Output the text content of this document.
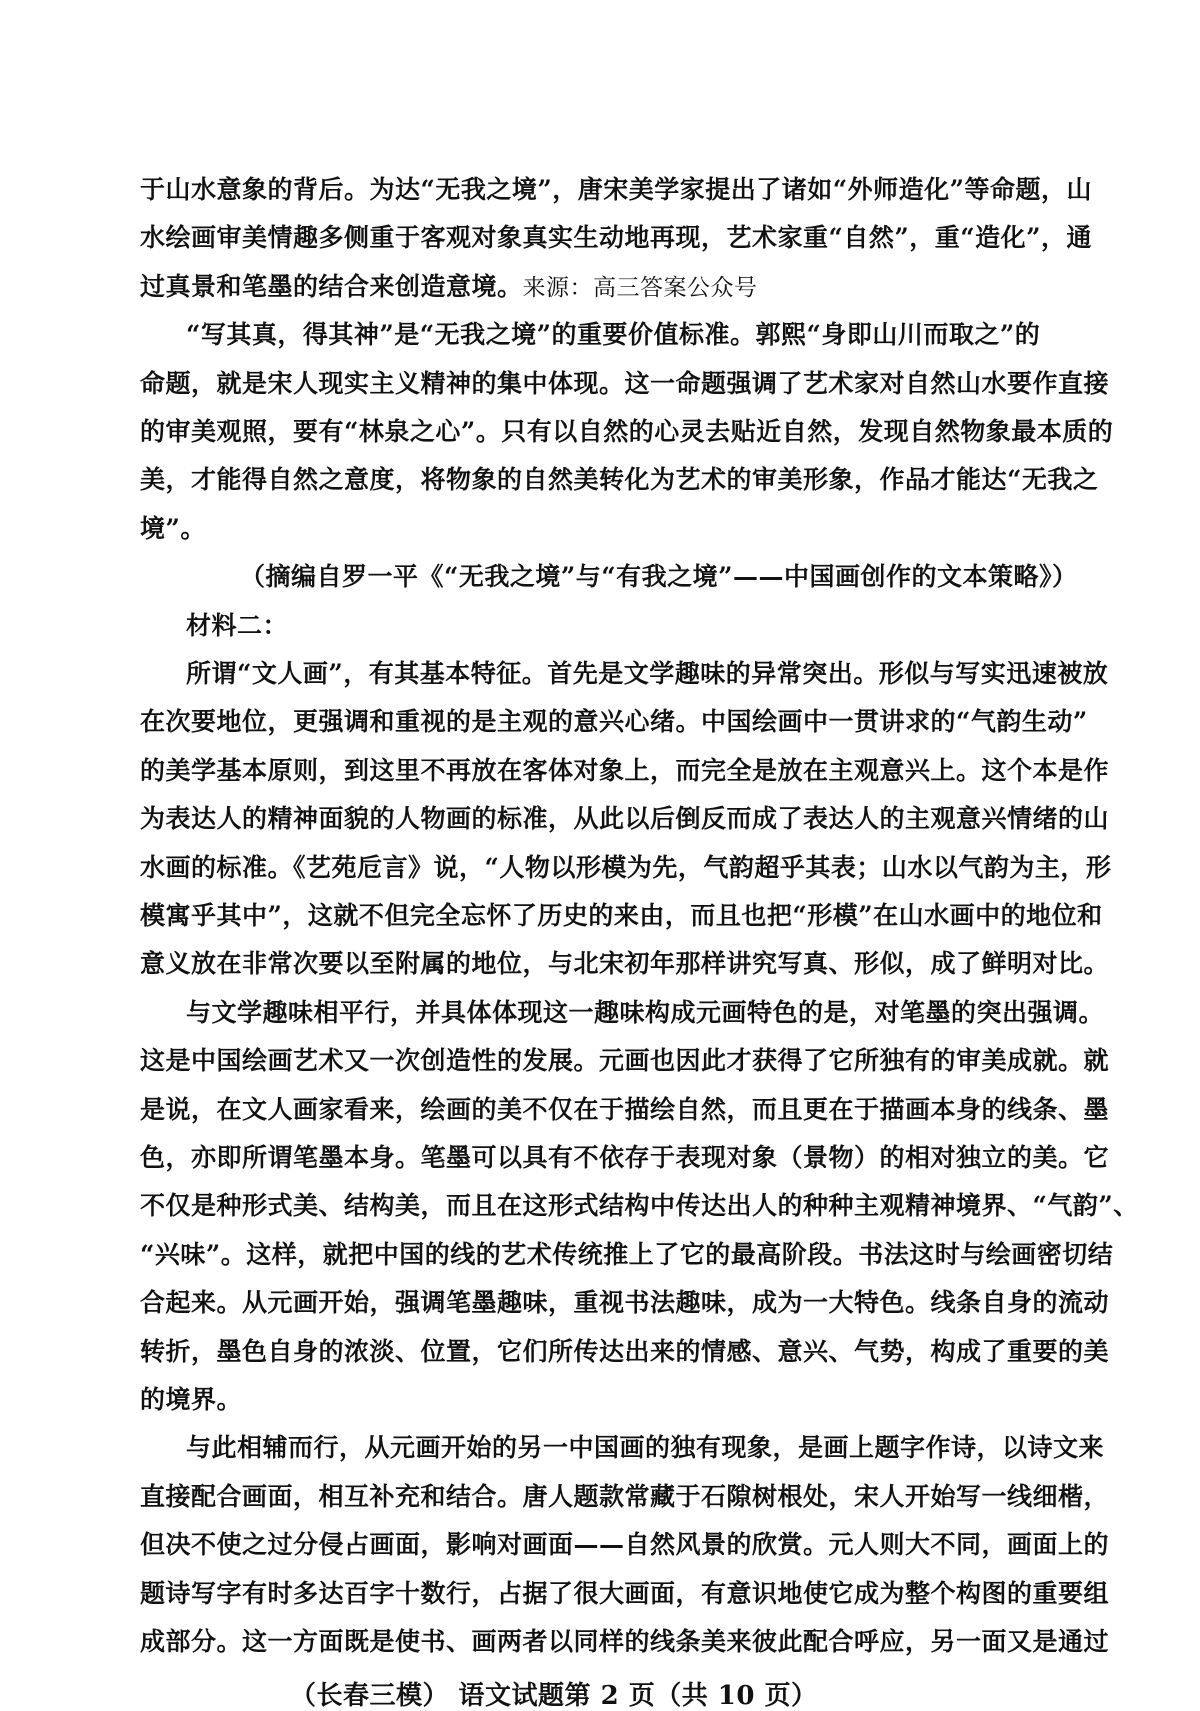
于山水意象的背后。为达“无我之境”，唐宋美学家提出了诸如“外师造化”等命题，山
水绘画审美情趣多侧重于客观对象真实生动地再现，艺术家重“自然”，重“造化”，通
过真景和笔墨的结合来创造意境。来源：高三答案公众号
“写其真，得其神”是“无我之境”的重要价值标准。郭熙“身即山川而取之”的
命题，就是宋人现实主义精神的集中体现。这一命题强调了艺术家对自然山水要作直接
的审美观照，要有“林泉之心”。只有以自然的心灵去贴近自然，发现自然物象最本质的
美，才能得自然之意度，将物象的自然美转化为艺术的审美形象，作品才能达“无我之
境”。
（摘编自罗一平《“无我之境”与“有我之境”——中国画创作的文本策略》）
材料二：
所谓“文人画”，有其基本特征。首先是文学趣味的异常突出。形似与写实迅速被放
在次要地位，更强调和重视的是主观的意兴心绪。中国绘画中一贯讲求的“气韵生动”
的美学基本原则，到这里不再放在客体对象上，而完全是放在主观意兴上。这个本是作
为表达人的精神面貌的人物画的标准，从此以后倒反而成了表达人的主观意兴情绪的山
水画的标准。《艺苑卮言》说，“人物以形模为先，气韵超乎其表；山水以气韵为主，形
模寓乎其中”，这就不但完全忘怀了历史的来由，而且也把“形模”在山水画中的地位和
意义放在非常次要以至附属的地位，与北宋初年那样讲究写真、形似，成了鲜明对比。
与文学趣味相平行，并具体体现这一趣味构成元画特色的是，对笔墨的突出强调。
这是中国绘画艺术又一次创造性的发展。元画也因此才获得了它所独有的审美成就。就
是说，在文人画家看来，绘画的美不仅在于描绘自然，而且更在于描画本身的线条、墨
色，亦即所谓笔墨本身。笔墨可以具有不依存于表现对象（景物）的相对独立的美。它
不仅是种形式美、结构美，而且在这形式结构中传达出人的种种主观精神境界、“气韵”、
“兴味”。这样，就把中国的线的艺术传统推上了它的最高阶段。书法这时与绘画密切结
合起来。从元画开始，强调笔墨趣味，重视书法趣味，成为一大特色。线条自身的流动
转折，墨色自身的浓淡、位置，它们所传达出来的情感、意兴、气势，构成了重要的美
的境界。
与此相辅而行，从元画开始的另一中国画的独有现象，是画上题字作诗，以诗文来
直接配合画面，相互补充和结合。唐人题款常藏于石隙树根处，宋人开始写一线细楷，
但决不使之过分侵占画面，影响对画面——自然风景的欣赏。元人则大不同，画面上的
题诗写字有时多达百字十数行，占据了很大画面，有意识地使它成为整个构图的重要组
成部分。这一方面既是使书、画两者以同样的线条美来彼此配合呼应，另一面又是通过
（长春三模） 语文试题第 2 页（共 10 页）
